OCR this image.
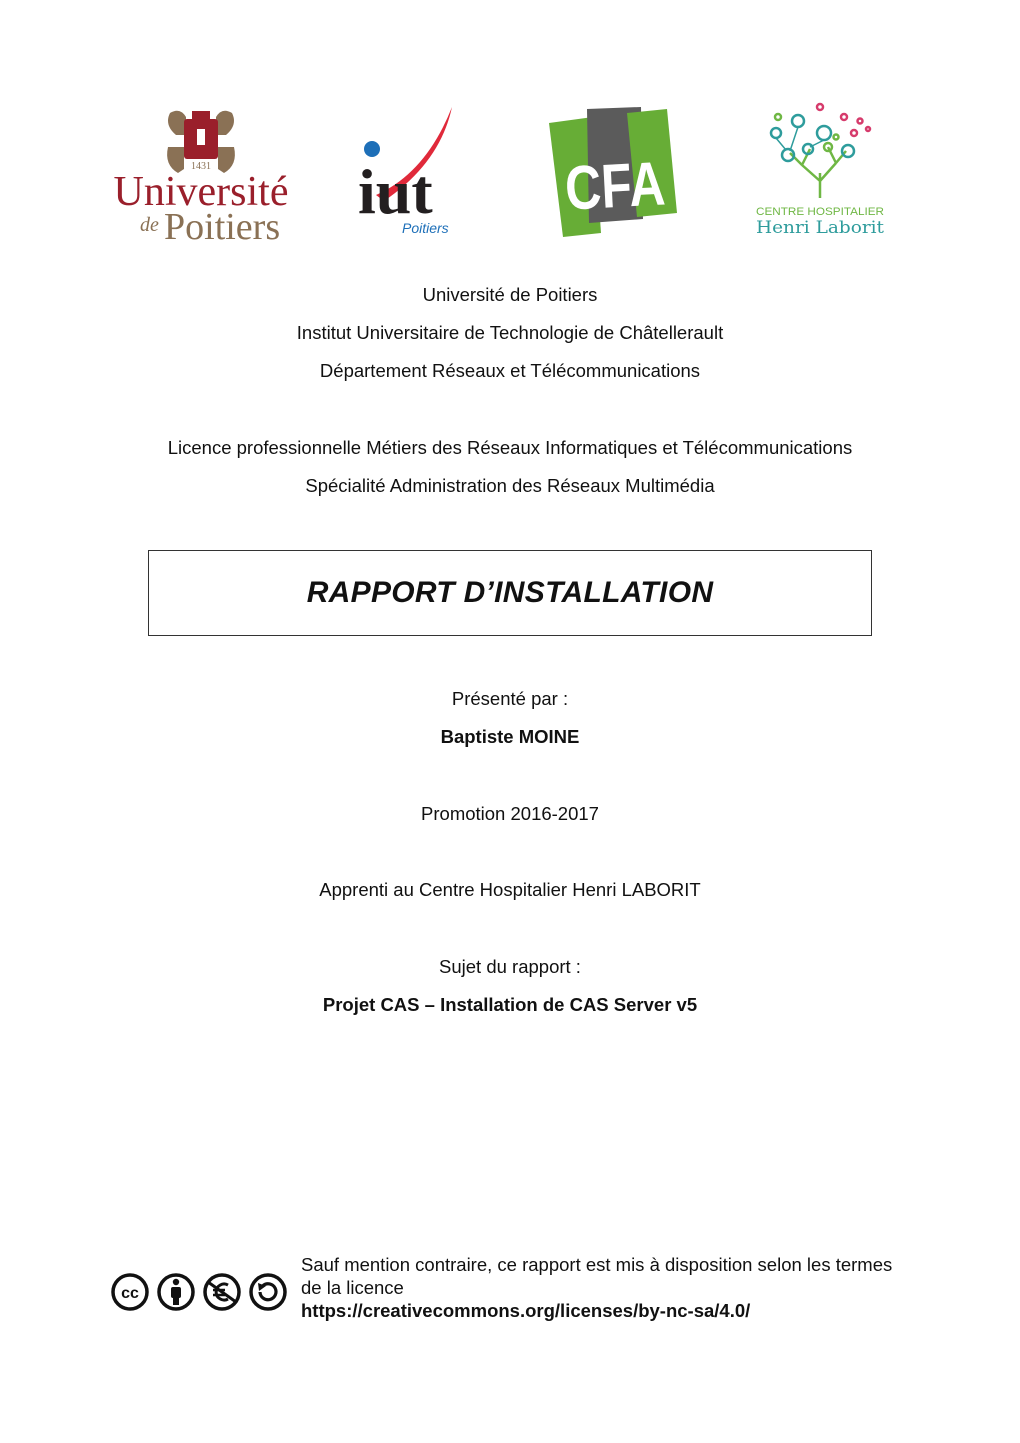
1431
Université
de Poitiers iut
Poitiers
CFA	CENTRE HOSPITALIER
Henri Laborit
Université de Poitiers
Institut Universitaire de Technologie de Châtellerault
Département Réseaux et Télécommunications
Licence professionnelle Métiers des Réseaux Informatiques et Télécommunications
Spécialité Administration des Réseaux Multimédia
RAPPORT D’INSTALLATION
Présenté par :
Baptiste MOINE
Promotion 2016-2017
Apprenti au Centre Hospitalier Henri LABORIT
Sujet du rapport :
Projet CAS – Installation de CAS Server v5
cc
Sauf mention contraire, ce rapport est mis à disposition selon les termes de la licence
https://creativecommons.org/licenses/by-nc-sa/4.0/
